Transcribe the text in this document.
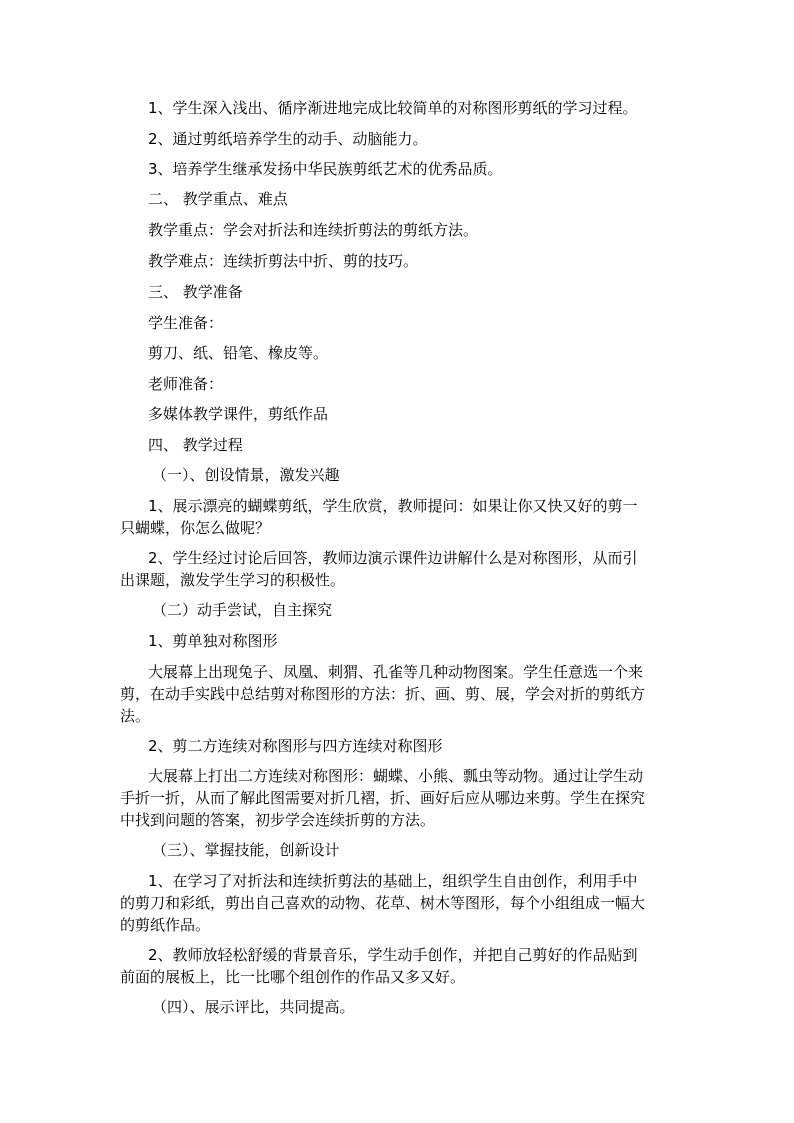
1、学生深入浅出、循序渐进地完成比较简单的对称图形剪纸的学习过程。
2、通过剪纸培养学生的动手、动脑能力。
3、培养学生继承发扬中华民族剪纸艺术的优秀品质。
二、 教学重点、难点
教学重点：学会对折法和连续折剪法的剪纸方法。
教学难点：连续折剪法中折、剪的技巧。
三、 教学准备
学生准备：
剪刀、纸、铅笔、橡皮等。
老师准备：
多媒体教学课件，剪纸作品
四、 教学过程
（一）、创设情景，激发兴趣
1、展示漂亮的蝴蝶剪纸，学生欣赏，教师提问：如果让你又快又好的剪一
只蝴蝶，你怎么做呢？
2、学生经过讨论后回答，教师边演示课件边讲解什么是对称图形，从而引
出课题，激发学生学习的积极性。
（二）动手尝试，自主探究
1、剪单独对称图形
大展幕上出现兔子、凤凰、刺猬、孔雀等几种动物图案。学生任意选一个来
剪，在动手实践中总结剪对称图形的方法：折、画、剪、展，学会对折的剪纸方
法。
2、剪二方连续对称图形与四方连续对称图形
大展幕上打出二方连续对称图形：蝴蝶、小熊、瓢虫等动物。通过让学生动
手折一折，从而了解此图需要对折几褶，折、画好后应从哪边来剪。学生在探究
中找到问题的答案，初步学会连续折剪的方法。
（三）、掌握技能，创新设计
1、在学习了对折法和连续折剪法的基础上，组织学生自由创作，利用手中
的剪刀和彩纸，剪出自己喜欢的动物、花草、树木等图形，每个小组组成一幅大
的剪纸作品。
2、教师放轻松舒缓的背景音乐，学生动手创作，并把自己剪好的作品贴到
前面的展板上，比一比哪个组创作的作品又多又好。
（四）、展示评比，共同提高。
